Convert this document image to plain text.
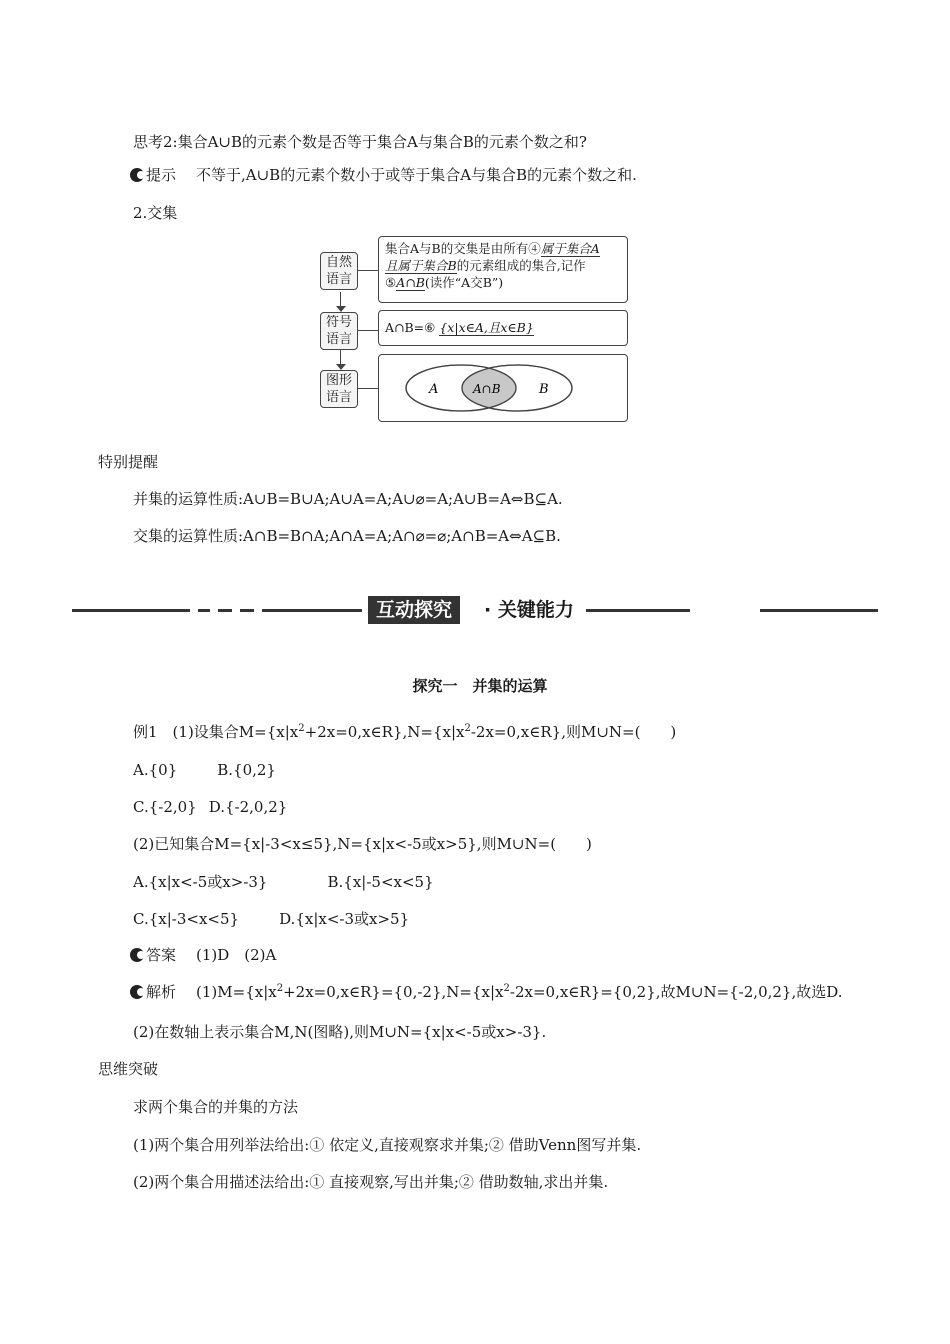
思考2:集合A∪B的元素个数是否等于集合A与集合B的元素个数之和?
提示 不等于,A∪B的元素个数小于或等于集合A与集合B的元素个数之和.
2.交集
自然语言
集合A与B的交集是由所有④属于集合A
且属于集合B的元素组成的集合,记作
⑤A∩B(读作“A交B”)
符号语言
A∩B=⑥ {x|x∈A,且x∈B}
图形语言
A	A∩B	B
特别提醒
并集的运算性质:A∪B=B∪A;A∪A=A;A∪⌀=A;A∪B=A⇔B⊆A.
交集的运算性质:A∩B=B∩A;A∩A=A;A∩⌀=⌀;A∩B=A⇔A⊆B.
互动探究	· 关键能力
探究一　并集的运算
例1　(1)设集合$M=\{x|x^2+2x=0,x\in R\},N=\{x|x^2-2x=0,x\in R\}$,则M∪N=(　　)
A.{0}	B.{0,2}
C.{-2,0} D.{-2,0,2}
(2)已知集合M={x|-3<x≤5},N={x|x<-5或x>5},则M∪N=(　　)
A.{x|x<-5或x>-3}	B.{x|-5<x<5}
C.{x|-3<x<5}	D.{x|x<-3或x>5}
答案 (1)D　(2)A
解析 $(1)M=\{x|x^2+2x=0,x\in R\}=\{0,-2\},N=\{x|x^2-2x=0,x\in R\}=\{0,2\}$,故M∪N={-2,0,2},故选D.
(2)在数轴上表示集合M,N(图略),则M∪N={x|x<-5或x>-3}.
思维突破
求两个集合的并集的方法
(1)两个集合用列举法给出:① 依定义,直接观察求并集;② 借助Venn图写并集.
(2)两个集合用描述法给出:① 直接观察,写出并集;② 借助数轴,求出并集.
